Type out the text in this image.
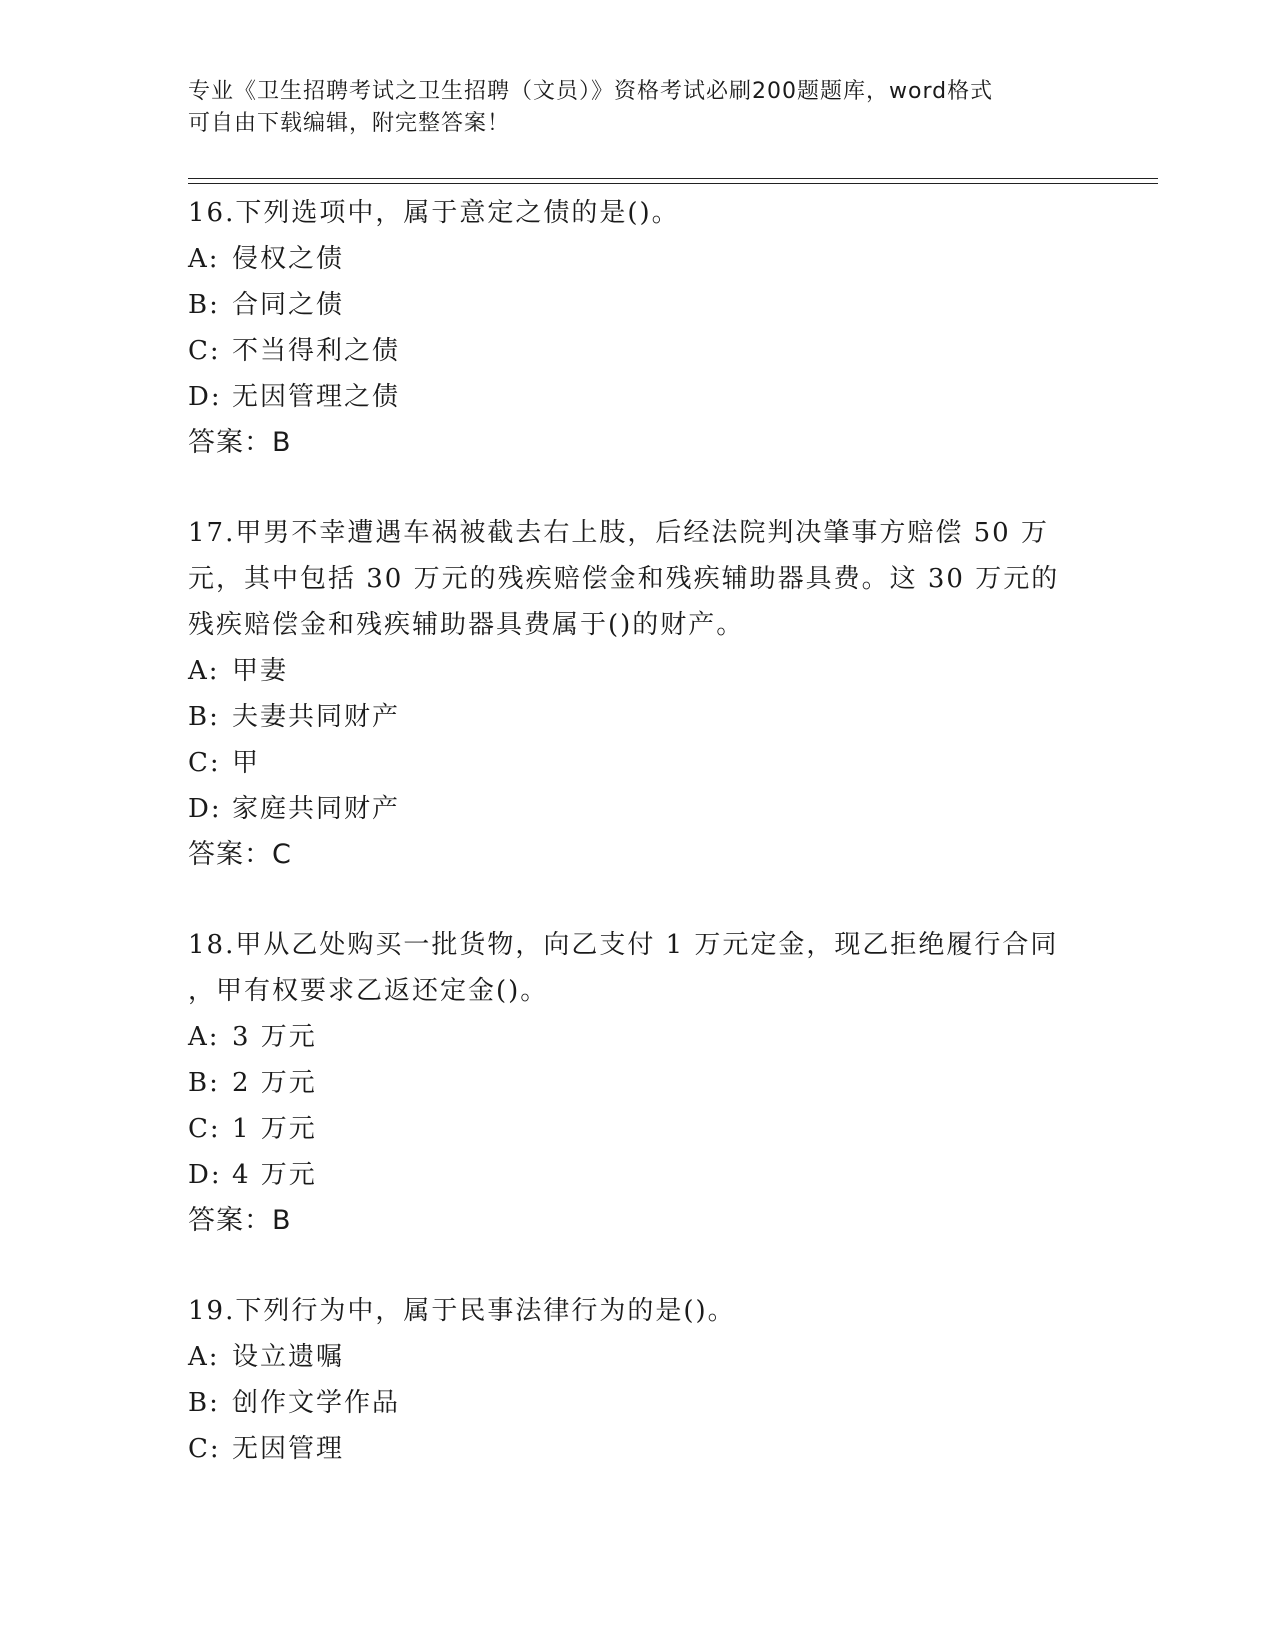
专业《卫生招聘考试之卫生招聘（文员）》资格考试必刷200题题库，word格式
可自由下载编辑，附完整答案！
16.下列选项中，属于意定之债的是()。
A: 侵权之债
B: 合同之债
C: 不当得利之债
D: 无因管理之债
答案：B
17.甲男不幸遭遇车祸被截去右上肢，后经法院判决肇事方赔偿 50 万
元，其中包括 30 万元的残疾赔偿金和残疾辅助器具费。这 30 万元的
残疾赔偿金和残疾辅助器具费属于()的财产。
A: 甲妻
B: 夫妻共同财产
C: 甲
D: 家庭共同财产
答案：C
18.甲从乙处购买一批货物，向乙支付 1 万元定金，现乙拒绝履行合同
，甲有权要求乙返还定金()。
A: 3 万元
B: 2 万元
C: 1 万元
D: 4 万元
答案：B
19.下列行为中，属于民事法律行为的是()。
A: 设立遗嘱
B: 创作文学作品
C: 无因管理
